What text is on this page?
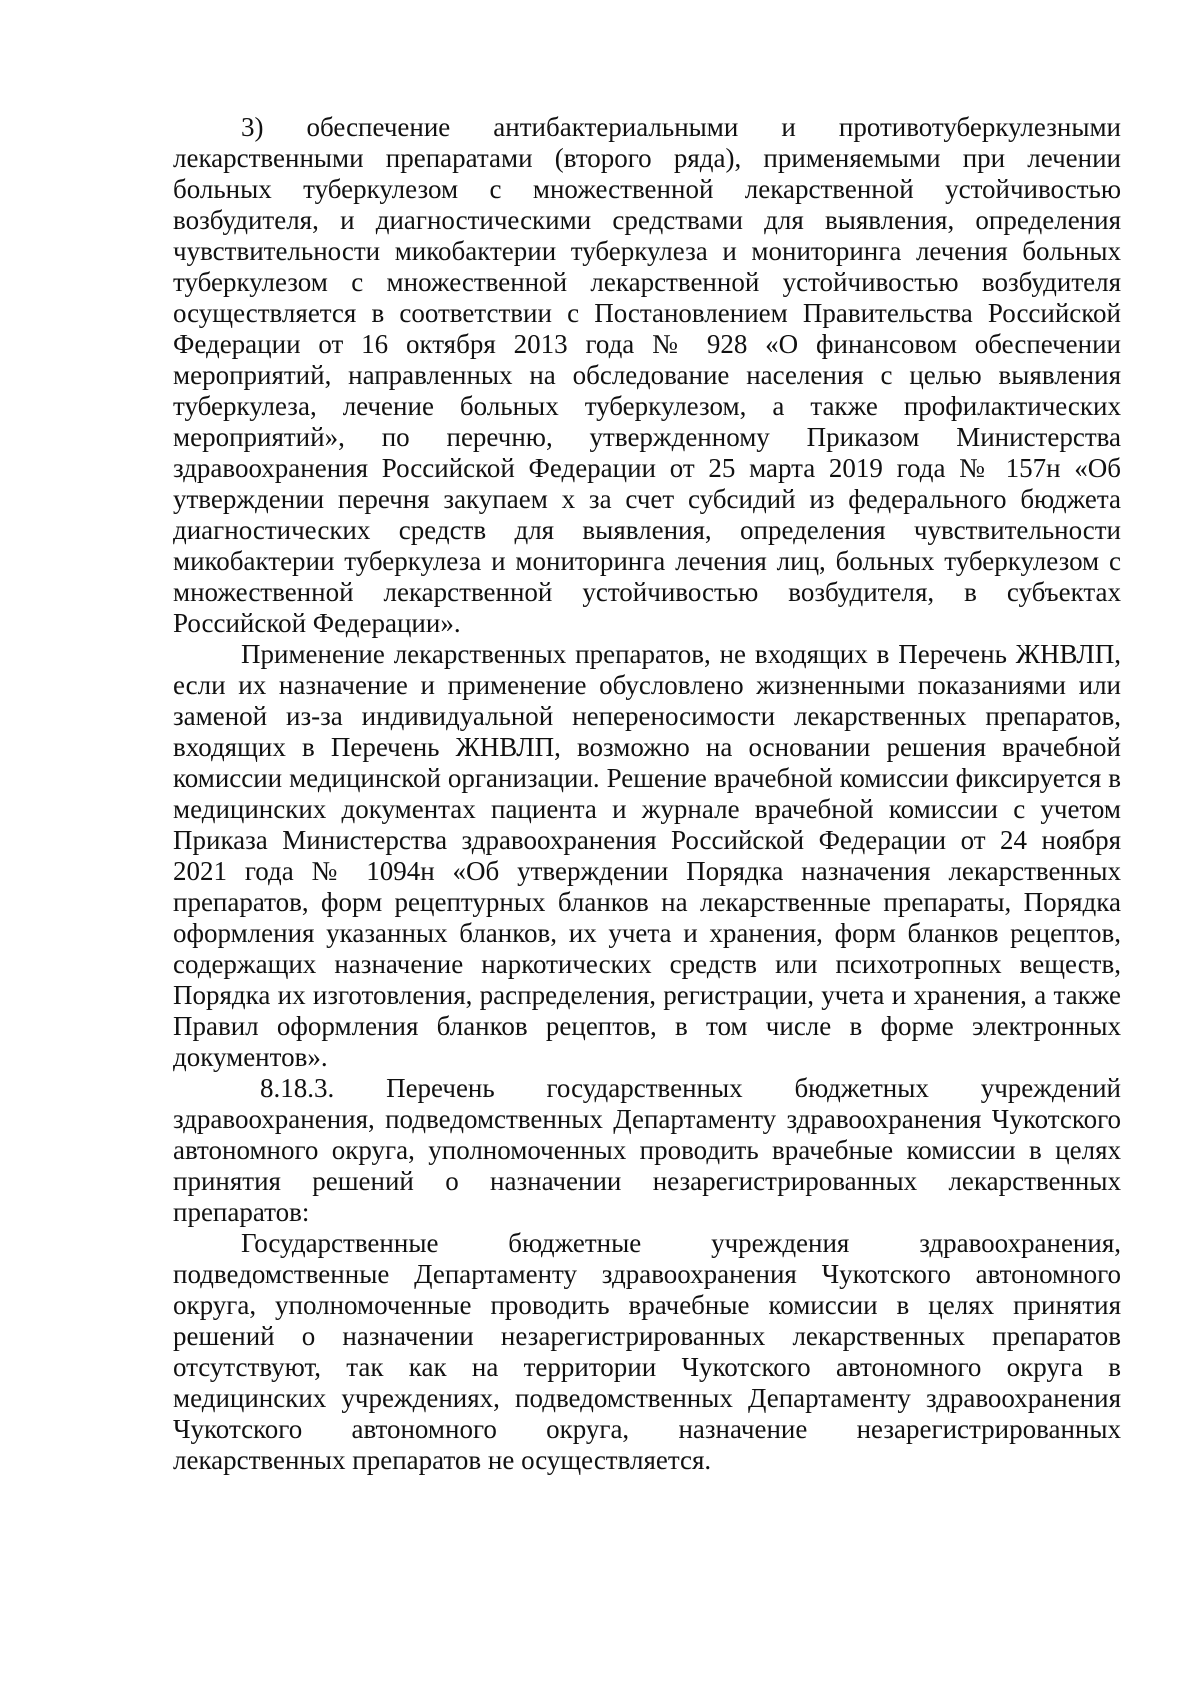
3) обеспечение антибактериальными и противотуберкулезными лекарственными препаратами (второго ряда), применяемыми при лечении больных туберкулезом с множественной лекарственной устойчивостью возбудителя, и диагностическими средствами для выявления, определения чувствительности микобактерии туберкулеза и мониторинга лечения больных туберкулезом с множественной лекарственной устойчивостью возбудителя осуществляется в соответствии с Постановлением Правительства Российской Федерации от 16 октября 2013 года № 928 «О финансовом обеспечении мероприятий, направленных на обследование населения с целью выявления туберкулеза, лечение больных туберкулезом, а также профилактических мероприятий», по перечню, утвержденному Приказом Министерства здравоохранения Российской Федерации от 25 марта 2019 года № 157н «Об утверждении перечня закупаем х за счет субсидий из федерального бюджета диагностических средств для выявления, определения чувствительности микобактерии туберкулеза и мониторинга лечения лиц, больных туберкулезом с множественной лекарственной устойчивостью возбудителя, в субъектах Российской Федерации».

Применение лекарственных препаратов, не входящих в Перечень ЖНВЛП, если их назначение и применение обусловлено жизненными показаниями или заменой из-за индивидуальной непереносимости лекарственных препаратов, входящих в Перечень ЖНВЛП, возможно на основании решения врачебной комиссии медицинской организации. Решение врачебной комиссии фиксируется в медицинских документах пациента и журнале врачебной комиссии с учетом Приказа Министерства здравоохранения Российской Федерации от 24 ноября 2021 года № 1094н «Об утверждении Порядка назначения лекарственных препаратов, форм рецептурных бланков на лекарственные препараты, Порядка оформления указанных бланков, их учета и хранения, форм бланков рецептов, содержащих назначение наркотических средств или психотропных веществ, Порядка их изготовления, распределения, регистрации, учета и хранения, а также Правил оформления бланков рецептов, в том числе в форме электронных документов».

8.18.3. Перечень государственных бюджетных учреждений здравоохранения, подведомственных Департаменту здравоохранения Чукотского автономного округа, уполномоченных проводить врачебные комиссии в целях принятия решений о назначении незарегистрированных лекарственных препаратов:

Государственные бюджетные учреждения здравоохранения, подведомственные Департаменту здравоохранения Чукотского автономного округа, уполномоченные проводить врачебные комиссии в целях принятия решений о назначении незарегистрированных лекарственных препаратов отсутствуют, так как на территории Чукотского автономного округа в медицинских учреждениях, подведомственных Департаменту здравоохранения Чукотского автономного округа, назначение незарегистрированных лекарственных препаратов не осуществляется.
